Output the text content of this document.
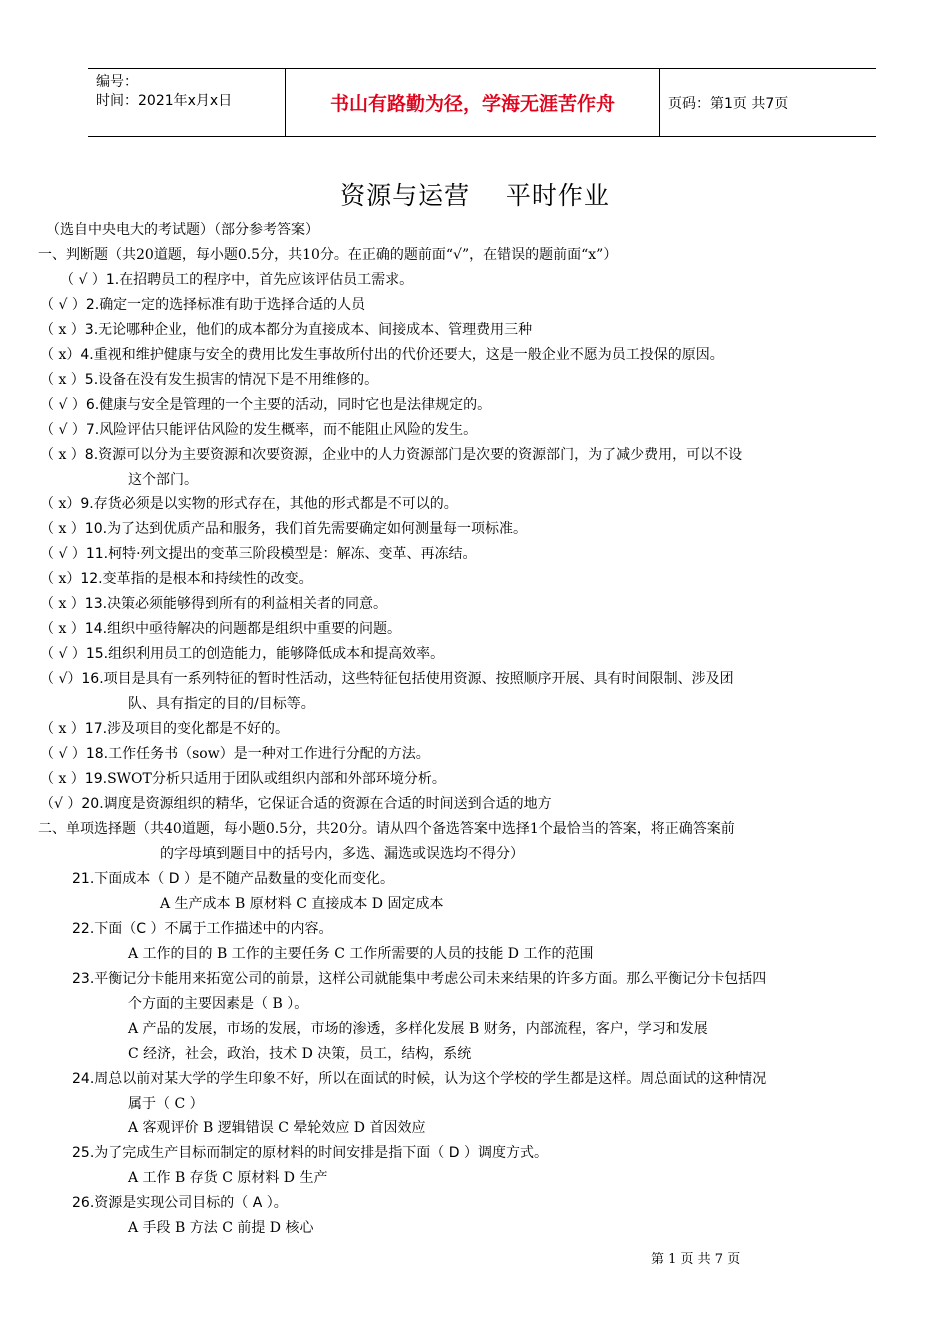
编号：
时间：2021年x月x日	书山有路勤为径，学海无涯苦作舟	页码：第1页 共7页
资源与运营    平时作业
（选自中央电大的考试题）（部分参考答案）
一、判断题（共20道题，每小题0.5分，共10分。在正确的题前面“√”，在错误的题前面“x”）
（ √ ）1.在招聘员工的程序中，首先应该评估员工需求。
（ √ ）2.确定一定的选择标准有助于选择合适的人员
（ x ）3.无论哪种企业，他们的成本都分为直接成本、间接成本、管理费用三种
（ x）4.重视和维护健康与安全的费用比发生事故所付出的代价还要大，这是一般企业不愿为员工投保的原因。
（ x ）5.设备在没有发生损害的情况下是不用维修的。
（ √ ）6.健康与安全是管理的一个主要的活动，同时它也是法律规定的。
（ √ ）7.风险评估只能评估风险的发生概率，而不能阻止风险的发生。
（ x ）8.资源可以分为主要资源和次要资源，企业中的人力资源部门是次要的资源部门，为了减少费用，可以不设
这个部门。
（ x）9.存货必须是以实物的形式存在，其他的形式都是不可以的。
（ x ）10.为了达到优质产品和服务，我们首先需要确定如何测量每一项标准。
（ √ ）11.柯特·列文提出的变革三阶段模型是：解冻、变革、再冻结。
（ x）12.变革指的是根本和持续性的改变。
（ x ）13.决策必须能够得到所有的利益相关者的同意。
（ x ）14.组织中亟待解决的问题都是组织中重要的问题。
（ √ ）15.组织利用员工的创造能力，能够降低成本和提高效率。
（ √）16.项目是具有一系列特征的暂时性活动，这些特征包括使用资源、按照顺序开展、具有时间限制、涉及团
队、具有指定的目的/目标等。
（ x ）17.涉及项目的变化都是不好的。
（ √ ）18.工作任务书（sow）是一种对工作进行分配的方法。
（ x ）19.SWOT分析只适用于团队或组织内部和外部环境分析。
（√ ）20.调度是资源组织的精华，它保证合适的资源在合适的时间送到合适的地方
二、单项选择题（共40道题，每小题0.5分，共20分。请从四个备选答案中选择1个最恰当的答案，将正确答案前
的字母填到题目中的括号内，多选、漏选或误选均不得分）
21.下面成本（ D ）是不随产品数量的变化而变化。
A 生产成本 B 原材料 C 直接成本 D 固定成本
22.下面（C ）不属于工作描述中的内容。
A 工作的目的 B 工作的主要任务 C 工作所需要的人员的技能 D 工作的范围
23.平衡记分卡能用来拓宽公司的前景，这样公司就能集中考虑公司未来结果的许多方面。那么平衡记分卡包括四
个方面的主要因素是（ B ）。
A 产品的发展，市场的发展，市场的渗透，多样化发展 B 财务，内部流程，客户，学习和发展
C 经济，社会，政治，技术 D 决策，员工，结构，系统
24.周总以前对某大学的学生印象不好，所以在面试的时候，认为这个学校的学生都是这样。周总面试的这种情况
属于（ C ）
A 客观评价 B 逻辑错误 C 晕轮效应 D 首因效应
25.为了完成生产目标而制定的原材料的时间安排是指下面（ D ）调度方式。
A 工作 B 存货 C 原材料 D 生产
26.资源是实现公司目标的（ A ）。
A 手段 B 方法 C 前提 D 核心
第 1 页 共 7 页
